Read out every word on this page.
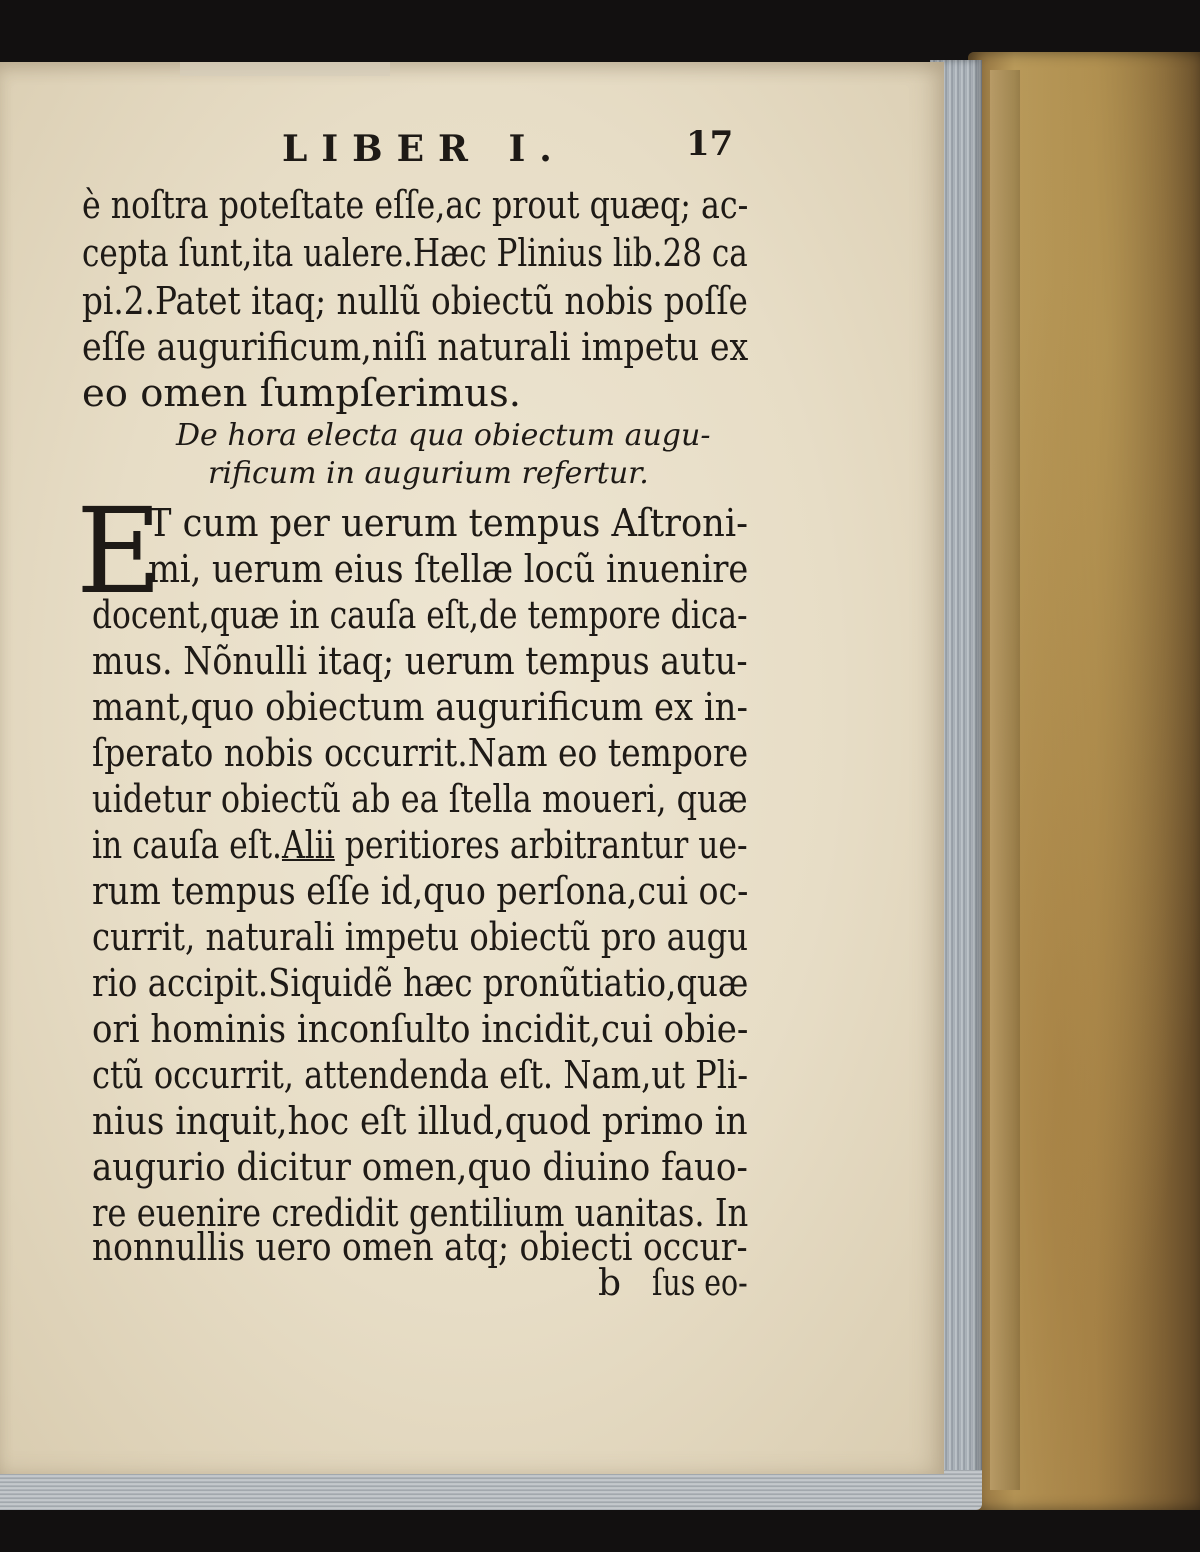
LIBER I.	17
è noſtra poteſtate eſſe,ac prout quæq; ac-
cepta ſunt,ita ualere.Hæc Plinius lib.28 ca
pi.2.Patet itaq; nullũ obiectũ nobis poſſe
eſſe augurificum,niſi naturali impetu ex
eo omen ſumpſerimus.
De hora electa qua obiectum augu-
rificum in augurium refertur.
E
T cum per uerum tempus Aſtroni-
mi, uerum eius ſtellæ locũ inuenire
docent,quæ in cauſa eſt,de tempore dica-
mus. Nõnulli itaq; uerum tempus autu-
mant,quo obiectum augurificum ex in-
ſperato nobis occurrit.Nam eo tempore
uidetur obiectũ ab ea ſtella moueri, quæ
in cauſa eſt.Alii peritiores arbitrantur ue-
rum tempus eſſe id,quo perſona,cui oc-
currit, naturali impetu obiectũ pro augu
rio accipit.Siquidẽ hæc pronũtiatio,quæ
ori hominis inconſulto incidit,cui obie-
ctũ occurrit, attendenda eſt. Nam,ut Pli-
nius inquit,hoc eſt illud,quod primo in
augurio dicitur omen,quo diuino fauo-
re euenire credidit gentilium uanitas. In
nonnullis uero omen atq; obiecti occur-
b ſus eo-
